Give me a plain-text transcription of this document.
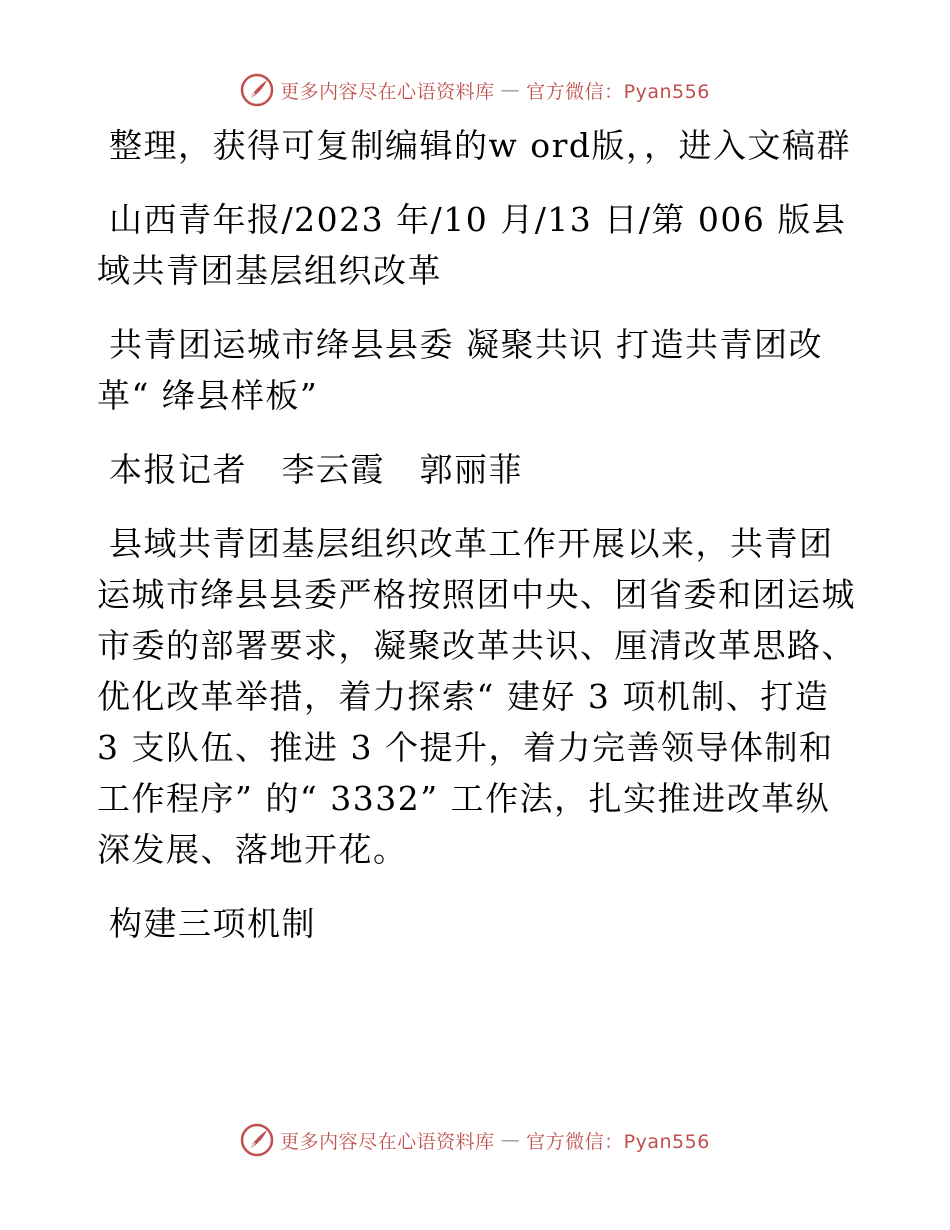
更多内容尽在心语资料库 — 官方微信：Pyan556

整理，获得可复制编辑的w ord版，，进入文稿群

山西青年报/2023 年/10 月/13 日/第 006 版县域共青团基层组织改革

共青团运城市绛县县委 凝聚共识 打造共青团改革“ 绛县样板”

本报记者　李云霞　郭丽菲

县域共青团基层组织改革工作开展以来，共青团运城市绛县县委严格按照团中央、团省委和团运城市委的部署要求，凝聚改革共识、厘清改革思路、优化改革举措，着力探索“ 建好 3 项机制、打造 3 支队伍、推进 3 个提升，着力完善领导体制和工作程序” 的“ 3332” 工作法，扎实推进改革纵深发展、落地开花。

构建三项机制

更多内容尽在心语资料库 — 官方微信：Pyan556
